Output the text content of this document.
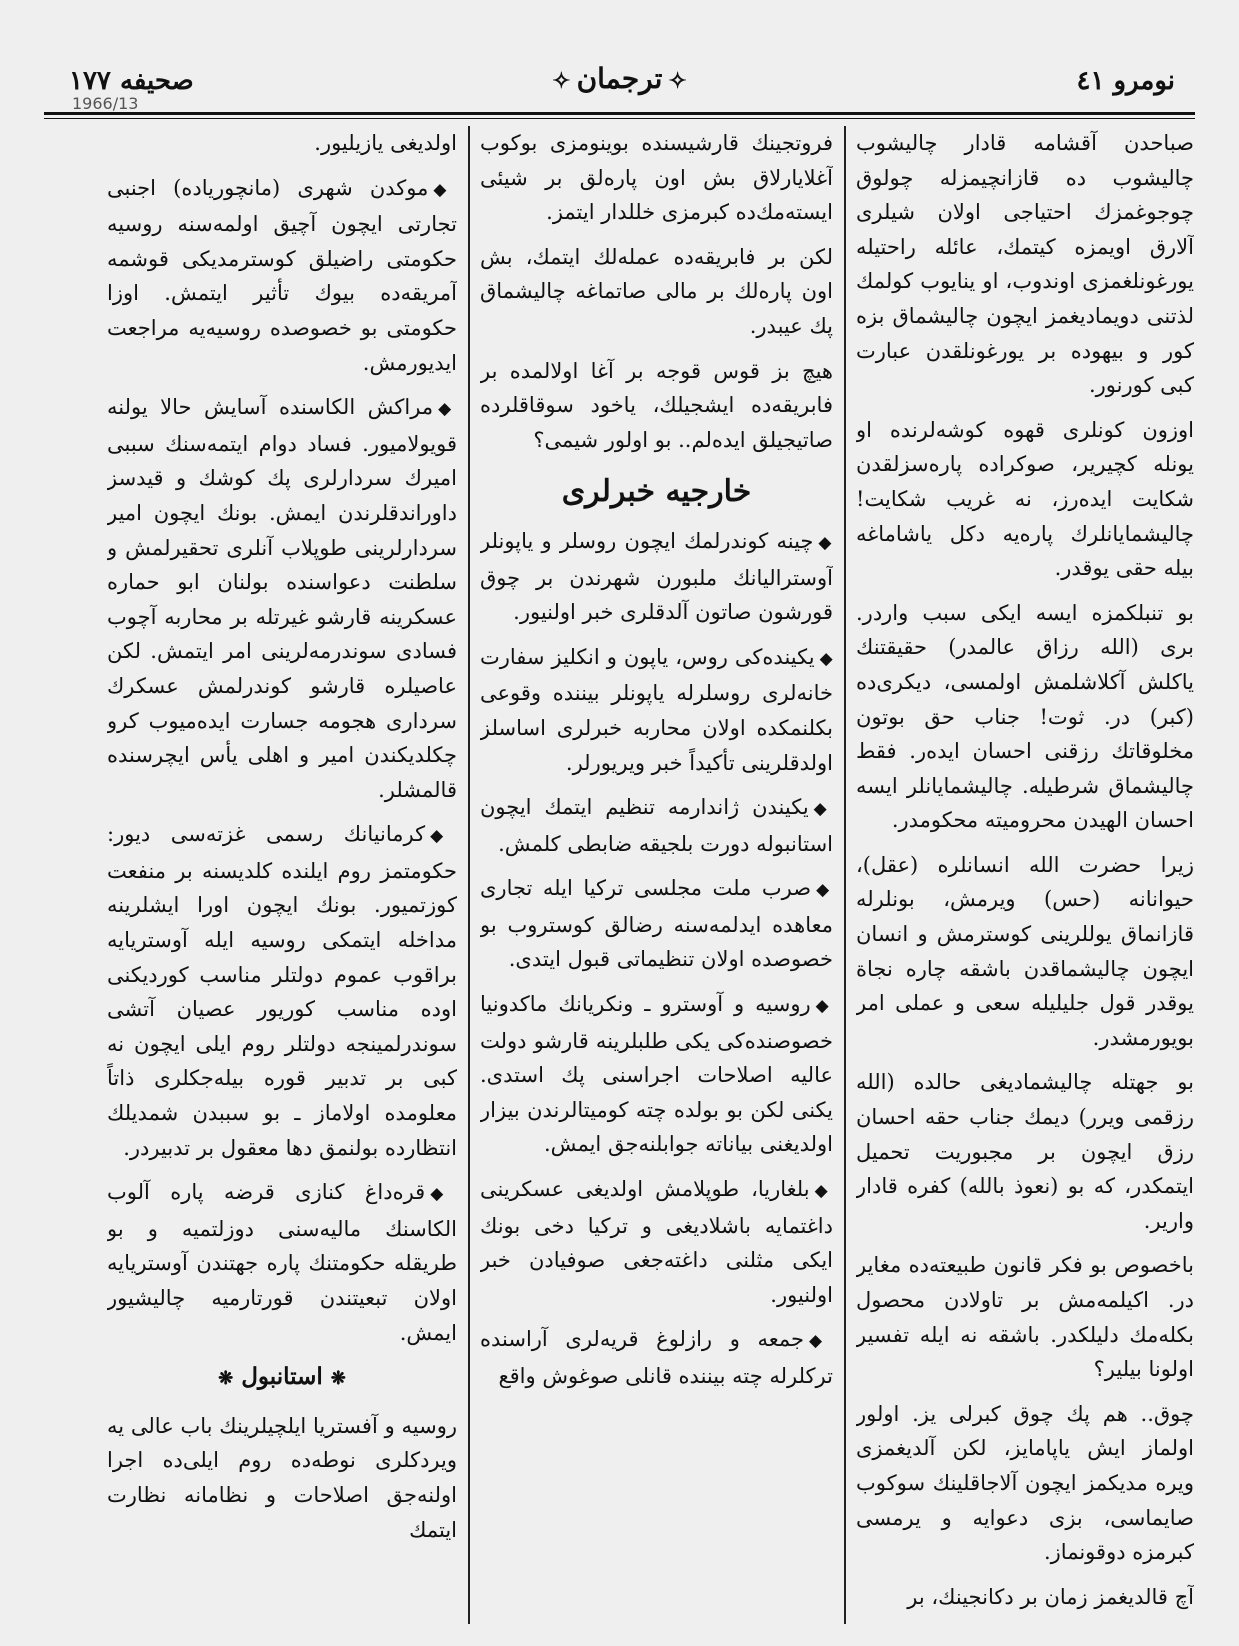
نومرو ٤١
✧ترجمان✧
صحيفه ١٧٧
1966/13

صباحدن آقشامه قادار چاليشوب چاليشوب ده قازانچيمزله چولوق چوجوغمزك احتياجى اولان شيلرى آلارق اويمزه كيتمك، عائله راحتيله يورغونلغمزى اوندوب، او ينايوب كولمك لذتنى دويمادیغمز ايچون چاليشماق بزه كور و بيهوده بر يورغونلقدن عبارت كبى كورنور.

اوزون كونلرى قهوه كوشه‌لرنده او يونله كچيرير، صوكراده پاره‌سزلقدن شكايت ايدەرز، نه غريب شكايت! چاليشمايانلرك پاره‌يه دكل ياشاماغه بيله حقى يوقدر.

بو تنبلكمزه ايسه ايكى سبب واردر. برى (الله رزاق عالمدر) حقيقتنك ياكلش آكلاشلمش اولمسى، ديكرى‌ده (كبر) در. ثوت! جناب حق بوتون مخلوقاتك رزقنى احسان ايدەر. فقط چاليشماق شرطيله. چاليشمايانلر ايسه احسان الهيدن محروميته محكومدر.

زيرا حضرت الله انسانلره (عقل)، حيوانانه (حس) ويرمش، بونلرله قازانماق يوللرينى كوسترمش و انسان ايچون چاليشماقدن باشقه چاره نجاة يوقدر قول جليليله سعى و عملى امر بويورمشدر.

بو جهتله چاليشماديغى حالده (الله رزقمى ويرر) ديمك جناب حقه احسان رزق ايچون بر مجبوريت تحميل ايتمكدر، كه بو (نعوذ بالله) كفره قادار وارير.

باخصوص بو فكر قانون طبيعته‌ده مغاير در. اكيلمه‌مش بر تاولادن محصول بكلەمك دليلكدر. باشقه نه ايله تفسير اولونا بيلير؟

چوق.. هم پك چوق كبرلى يز. اولور اولماز ايش ياپامايز، لكن آلديغمزى ويره مديكمز ايچون آلاجاقلينك سوكوب صايماسى، بزى دعوايه و يرمسى كبرمزه دوقونماز.

آچ قالديغمز زمان بر دكانجينك، بر

فروتجينك قارشيسنده بوينومزى بوكوب آغلايارلاق بش اون پاره‌لق بر شيئى ايسته‌مك‌ده كبرمزى خللدار ايتمز.

لكن بر فابريقه‌ده عمله‌لك ايتمك، بش اون پاره‌لك بر مالى صاتماغه چاليشماق پك عيبدر.

هيچ بز قوس قوجه بر آغا اولالمده بر فابريقه‌ده ايشجيلك، ياخود سوقاقلرده صاتيجيلق ايده‌لم.. بو اولور شيمى؟

خارجيه خبرلرى

◆چينه كوندرلمك ايچون روسلر و ياپونلر آوستراليانك ملبورن شهرندن بر چوق قورشون صاتون آلدقلرى خبر اولنيور.

◆يكينده‌كى روس، ياپون و انكليز سفارت خانه‌لرى روسلرله ياپونلر بيننده وقوعى بكلنمكده اولان محاربه خبرلرى اساسلز اولدقلرينى تأكيداً خبر ويريورلر.

◆يكيندن ژاندارمه تنظيم ايتمك ايچون استانبوله دورت بلجيقه ضابطى كلمش.

◆صرب ملت مجلسى تركيا ايله تجارى معاهده ايدلمه‌سنه رضالق كوستروب بو خصوصده اولان تنظيماتى قبول ايتدى.

◆روسيه و آوسترو ـ ونكريانك ماكدونيا خصوصنده‌كى يكى طلبلرينه قارشو دولت عاليه اصلاحات اجراسنى پك استدى. يكنى لكن بو بولده چته كوميتالرندن بيزار اولديغنى بياناته جوابلنه‌جق ايمش.

◆بلغاريا، طوپلامش اولديغى عسكرينى داغتمايه باشلاديغى و تركيا دخى بونك ايكى مثلنى داغته‌جغى صوفيادن خبر اولنيور.

◆جمعه و رازلوغ قريه‌لرى آراسنده تركلرله چته بيننده قانلى صوغوش واقع

اولديغى يازيليور.

◆موكدن شهرى (مانچوريا‌ده) اجنبى تجارتى ايچون آچيق اولمه‌سنه روسيه حكومتى راضيلق كوسترمديكى قوشمه آمريقه‌ده بيوك تأثير ايتمش. اوزا حكومتى بو خصوصده روسيه‌يه مراجعت ايديورمش.

◆مراكش الكاسنده آسايش حالا يولنه قويولاميور. فساد دوام ايتمه‌سنك سببى اميرك سردارلرى پك كوشك و قيدسز داوراندقلرندن ايمش. بونك ايچون امير سردارلرينى طوپلاب آنلرى تحقيرلمش و سلطنت دعواسنده بولنان ابو حماره عسكرينه قارشو غيرتله بر محاربه آچوب فسادى سوندرمه‌لرينى امر ايتمش. لكن عاصيلره قارشو كوندرلمش عسكرك سردارى هجومه جسارت ايدەميوب كرو چكلديكندن امير و اهلى يأس ايچرسنده قالمشلر.

◆كرمانيانك رسمى غزته‌سى ديور: حكومتمز روم ايلنده كلديسنه بر منفعت كوزتميور. بونك ايچون اورا ايشلرينه مداخله ايتمكى روسيه ايله آوستريايه براقوب عموم دولتلر مناسب كورديكنى اوده مناسب كوريور عصيان آتشى سوندرلمينجه دولتلر روم ايلى ايچون نه كبى بر تدبير قوره بيله‌جكلرى ذاتاً معلومده اولاماز ـ بو سببدن شمديلك انتظارده بولنمق دها معقول بر تدبيردر.

◆قره‌داغ كنازى قرضه پاره آلوب الكاسنك ماليه‌سنى دوزلتميه و بو طريقله حكومتنك پاره جهتندن آوستريايه اولان تبعيتندن قورتارميه چاليشيور ايمش.

❋استانبول❋

روسيه و آفستريا ايلچيلرينك باب عالى يه ويردكلرى نوطه‌ده روم ايلى‌ده اجرا اولنه‌جق اصلاحات و نظامانه نظارت ايتمك
